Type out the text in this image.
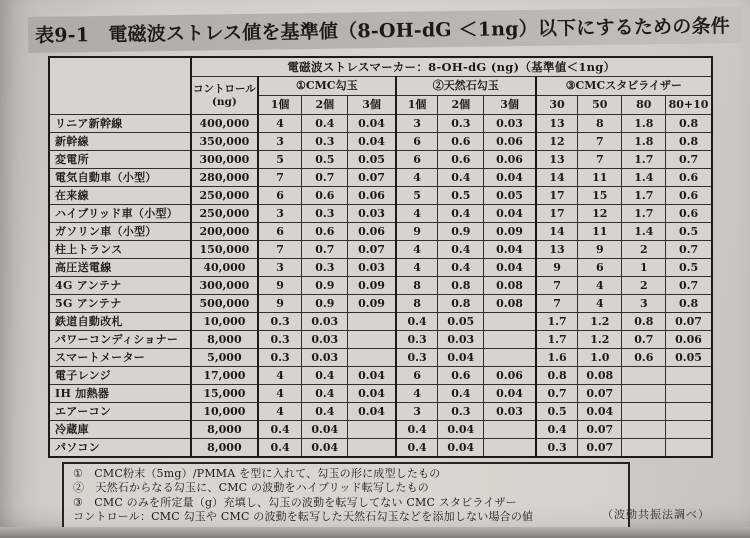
表9-1　電磁波ストレス値を基準値（8-OH-dG ＜1ng）以下にするための条件
	電磁波ストレスマーカー：8-OH-dG (ng)（基準値＜1ng）										

	コントロール
(ng)	①CMC勾玉			②天然石勾玉			③CMCスタビライザー			
		1個	2個	3個	1個	2個	3個	30	50	80	80+10
リニア新幹線	400,000	4	0.4	0.04	3	0.3	0.03	13	8	1.8	0.8
新幹線	350,000	3	0.3	0.04	6	0.6	0.06	12	7	1.8	0.8
変電所	300,000	5	0.5	0.05	6	0.6	0.06	13	7	1.7	0.7
電気自動車（小型）	280,000	7	0.7	0.07	4	0.4	0.04	14	11	1.4	0.6
在来線	250,000	6	0.6	0.06	5	0.5	0.05	17	15	1.7	0.6
ハイブリッド車（小型）	250,000	3	0.3	0.03	4	0.4	0.04	17	12	1.7	0.6
ガソリン車（小型）	200,000	6	0.6	0.06	9	0.9	0.09	14	11	1.4	0.5
柱上トランス	150,000	7	0.7	0.07	4	0.4	0.04	13	9	2	0.7
高圧送電線	40,000	3	0.3	0.03	4	0.4	0.04	9	6	1	0.5
4G アンテナ	300,000	9	0.9	0.09	8	0.8	0.08	7	4	2	0.7
5G アンテナ	500,000	9	0.9	0.09	8	0.8	0.08	7	4	3	0.8
鉄道自動改札	10,000	0.3	0.03		0.4	0.05		1.7	1.2	0.8	0.07
パワーコンディショナー	8,000	0.3	0.03		0.3	0.03		1.7	1.2	0.7	0.06
スマートメーター	5,000	0.3	0.03		0.3	0.04		1.6	1.0	0.6	0.05
電子レンジ	17,000	4	0.4	0.04	6	0.6	0.06	0.8	0.08		
IH 加熱器	15,000	4	0.4	0.04	4	0.4	0.04	0.7	0.07		
エアーコン	10,000	4	0.4	0.04	3	0.3	0.03	0.5	0.04		
冷蔵庫	8,000	0.4	0.04		0.4	0.04		0.4	0.07		
パソコン	8,000	0.4	0.04		0.4	0.04		0.3	0.07		
①　CMC粉末（5mg）/PMMA を型に入れて、勾玉の形に成型したもの
②　天然石からなる勾玉に、CMC の波動をハイブリッド転写したもの
③　CMC のみを所定量（g）充填し、勾玉の波動を転写してない CMC スタビライザー
コントロール：CMC 勾玉や CMC の波動を転写した天然石勾玉などを添加しない場合の値	（波動共振法調べ）
